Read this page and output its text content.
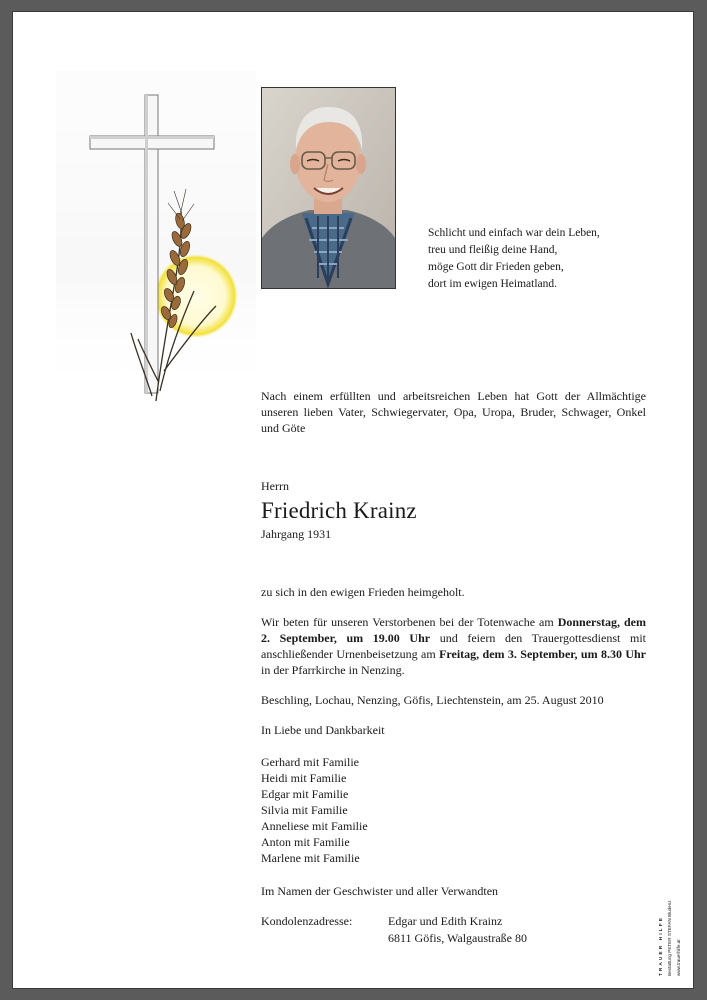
Schlicht und einfach war dein Leben,
treu und fleißig deine Hand,
möge Gott dir Frieden geben,
dort im ewigen Heimatland.
Nach einem erfüllten und arbeitsreichen Leben hat Gott der Allmächtige unseren lieben Vater, Schwiegervater, Opa, Uropa, Bruder, Schwager, Onkel und Göte
Herrn
Friedrich Krainz
Jahrgang 1931
zu sich in den ewigen Frieden heimgeholt.
Wir beten für unseren Verstorbenen bei der Totenwache am Donnerstag, dem 2. September, um 19.00 Uhr und feiern den Trauergottesdienst mit anschließender Urnenbeisetzung am Freitag, dem 3. September, um 8.30 Uhr in der Pfarrkirche in Nenzing.
Beschling, Lochau, Nenzing, Göfis, Liechtenstein, am 25. August 2010
In Liebe und Dankbarkeit
Gerhard mit Familie
Heidi mit Familie
Edgar mit Familie
Silvia mit Familie
Anneliese mit Familie
Anton mit Familie
Marlene mit Familie
Im Namen der Geschwister und aller Verwandten
Kondolenzadresse:	Edgar und Edith Krainz
6811 Göfis, Walgaustraße 80	TRAUER HILFE Bestattung PETER STEFAN Bludenz
www.trauerhilfe.at
